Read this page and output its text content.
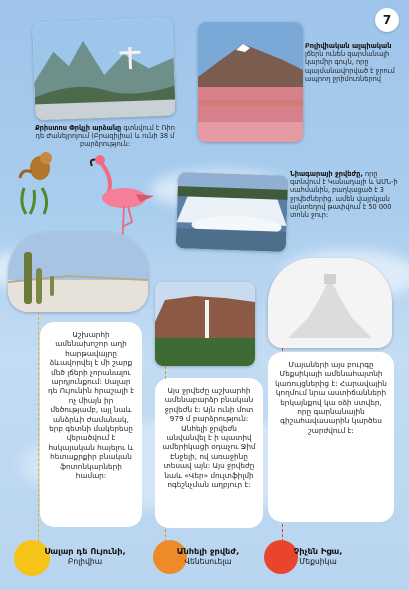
7
Քրիստոս Փրկչի արձանը գտնվում է Ռիո դե Ժանեյրոյում (Բրազիլիա) և ունի 38 մ բարձրություն:
Բոլիվիական ալպիական լճերն ունեն զարմանալի կարմիր գույն, որը պայմանավորված է ջրում ապրող ջրիմուռներով
Նիագարայի ջրվեժը, որը գտնվում է Կանադայի և ԱՄՆ-ի սահմանին, բաղկացած է 3 ջրվեժներից. ամեն վայրկյան այնտեղով թափվում է 50 000 տոնն ջուր:
Աշխարհի ամենախոշոր աղի հարթավայրը ձևավորվել է մի շարք մեծ լճերի չորանալու արդյունքում: Սալար դե Ույունին հրաշալի է ոչ միայն իր մեծությամբ, այլ նաև անձրևի ժամանակ, երբ գետնի մակերեսը վերածվում է հսկայական հայելու և հետաքրքիր բնական ֆոտոնկարների համար:
Այս ջրվեժը աշխարհի ամենաբարձր բնական ջրվեժն է: Այն ունի մոտ 979 մ բարձրություն: Անհելի ջրվեժն անվանվել է ի պատիվ ամերիկացի օդաչու Ջիմ Էնջելի, ով առաջինը տեսավ այն: Այս ջրվեժը նաև «Վեր» մուլտֆիլմի ոգեշնչման աղբյուր է:
Մայաների այս բուրգը Մեքսիկայի ամենահայտնի կառույցներից է: Հարավային կողմում նրա աստիճանների երկայնքով կա օձի ստվեր, որը գարնանային գիշահավասարին կարծես շարժվում է:
Սալար դե Ույունի,
Բոլիվիա
Անհելի ջրվեժ,
Վենեսուելա
Չիչեն Իցա,
Մեքսիկա
